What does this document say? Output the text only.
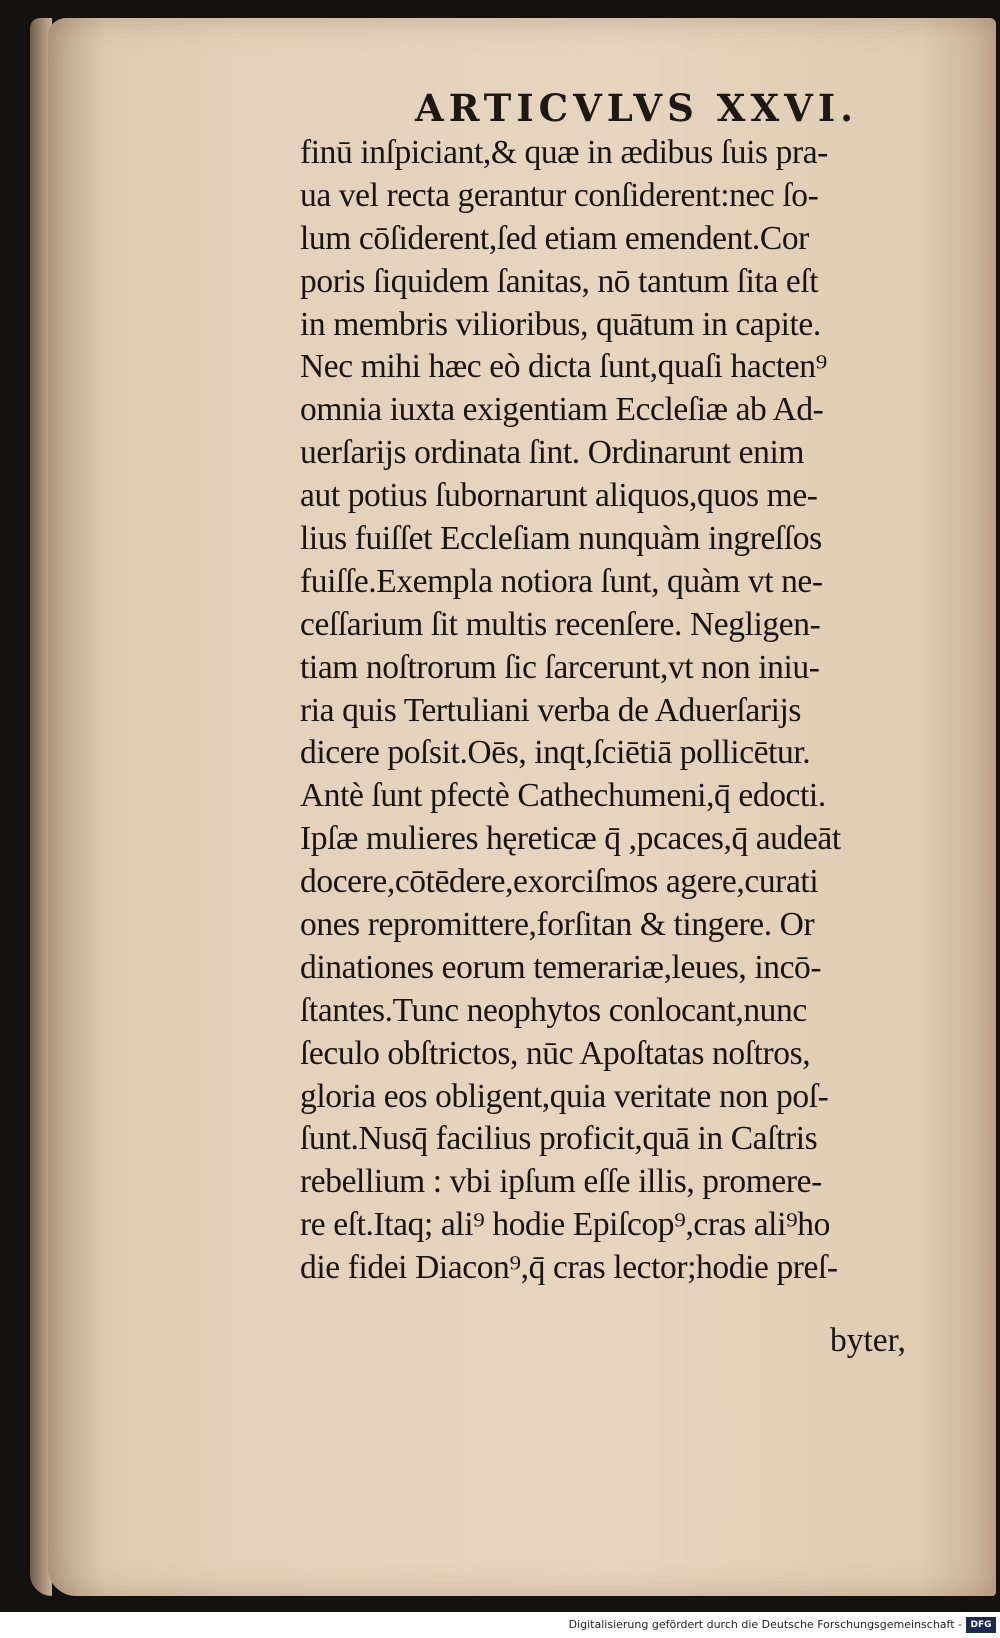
ARTICVLVS XXVI.
finū inſpiciant,& quæ in ædibus ſuis pra-
ua vel recta gerantur conſiderent:nec ſo-
lum cōſiderent,ſed etiam emendent.Cor
poris ſiquidem ſanitas, nō tantum ſita eſt
in membris vilioribus, quātum in capite.
Nec mihi hæc eò dicta ſunt,quaſi hacten⁹
omnia iuxta exigentiam Eccleſiæ ab Ad-
uerſarijs ordinata ſint. Ordinarunt enim
aut potius ſubornarunt aliquos,quos me-
lius fuiſſet Eccleſiam nunquàm ingreſſos
fuiſſe.Exempla notiora ſunt, quàm vt ne-
ceſſarium ſit multis recenſere. Negligen-
tiam noſtrorum ſic ſarcerunt,vt non iniu-
ria quis Tertuliani verba de Aduerſarijs
dicere poſsit.Oēs, inqt,ſciētiā pollicētur.
Antè ſunt pfectè Cathechumeni,q̄ edocti.
Ipſæ mulieres hęreticæ q̄ ,pcaces,q̄ audeāt
docere,cōtēdere,exorciſmos agere,curati
ones repromittere,forſitan & tingere. Or
dinationes eorum temerariæ,leues, incō-
ſtantes.Tunc neophytos conlocant,nunc
ſeculo obſtrictos, nūc Apoſtatas noſtros,
gloria eos obligent,quia veritate non poſ-
ſunt.Nusq̄ facilius proficit,quā in Caſtris
rebellium : vbi ipſum eſſe illis, promere-
re eſt.Itaq; ali⁹ hodie Epiſcop⁹,cras ali⁹ho
die fidei Diacon⁹,q̄ cras lector;hodie preſ-
byter,
Digitalisierung gefördert durch die Deutsche Forschungsgemeinschaft - DFG
